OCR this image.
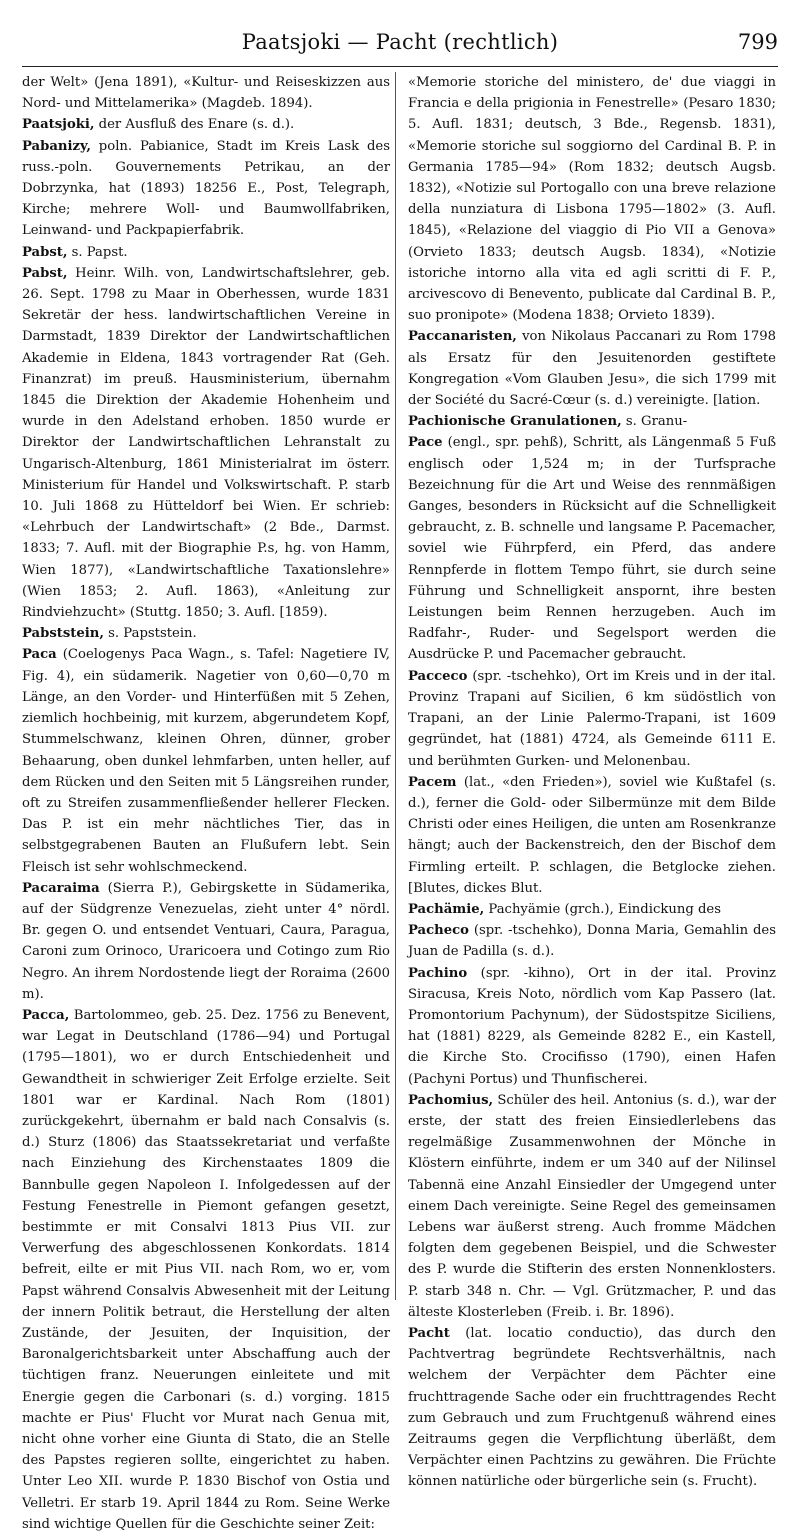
Paatsjoki — Pacht (rechtlich)	799

der Welt» (Jena 1891), «Kultur- und Reiseskizzen aus Nord- und Mittelamerika» (Magdeb. 1894).

Paatsjoki, der Ausfluß des Enare (s. d.).

Pabanizy, poln. Pabianice, Stadt im Kreis Lask des russ.-poln. Gouvernements Petrikau, an der Dobrzynka, hat (1893) 18256 E., Post, Telegraph, Kirche; mehrere Woll- und Baumwollfabriken, Leinwand- und Packpapierfabrik.

Pabst, s. Papst.

Pabst, Heinr. Wilh. von, Landwirtschaftslehrer, geb. 26. Sept. 1798 zu Maar in Oberhessen, wurde 1831 Sekretär der hess. landwirtschaftlichen Vereine in Darmstadt, 1839 Direktor der Landwirtschaftlichen Akademie in Eldena, 1843 vortragender Rat (Geh. Finanzrat) im preuß. Hausministerium, übernahm 1845 die Direktion der Akademie Hohenheim und wurde in den Adelstand erhoben. 1850 wurde er Direktor der Landwirtschaftlichen Lehranstalt zu Ungarisch-Altenburg, 1861 Ministerialrat im österr. Ministerium für Handel und Volkswirtschaft. P. starb 10. Juli 1868 zu Hütteldorf bei Wien. Er schrieb: «Lehrbuch der Landwirtschaft» (2 Bde., Darmst. 1833; 7. Aufl. mit der Biographie P.s, hg. von Hamm, Wien 1877), «Landwirtschaftliche Taxationslehre» (Wien 1853; 2. Aufl. 1863), «Anleitung zur Rindviehzucht» (Stuttg. 1850; 3. Aufl. [1859).

Pabststein, s. Papststein.

Paca (Coelogenys Paca Wagn., s. Tafel: Nagetiere IV, Fig. 4), ein südamerik. Nagetier von 0,60—0,70 m Länge, an den Vorder- und Hinterfüßen mit 5 Zehen, ziemlich hochbeinig, mit kurzem, abgerundetem Kopf, Stummelschwanz, kleinen Ohren, dünner, grober Behaarung, oben dunkel lehmfarben, unten heller, auf dem Rücken und den Seiten mit 5 Längsreihen runder, oft zu Streifen zusammenfließender hellerer Flecken. Das P. ist ein mehr nächtliches Tier, das in selbstgegrabenen Bauten an Flußufern lebt. Sein Fleisch ist sehr wohlschmeckend.

Pacaraima (Sierra P.), Gebirgskette in Südamerika, auf der Südgrenze Venezuelas, zieht unter 4° nördl. Br. gegen O. und entsendet Ventuari, Caura, Paragua, Caroni zum Orinoco, Uraricoera und Cotingo zum Rio Negro. An ihrem Nordostende liegt der Roraima (2600 m).

Pacca, Bartolommeo, geb. 25. Dez. 1756 zu Benevent, war Legat in Deutschland (1786—94) und Portugal (1795—1801), wo er durch Entschiedenheit und Gewandtheit in schwieriger Zeit Erfolge erzielte. Seit 1801 war er Kardinal. Nach Rom (1801) zurückgekehrt, übernahm er bald nach Consalvis (s. d.) Sturz (1806) das Staatssekretariat und verfaßte nach Einziehung des Kirchenstaates 1809 die Bannbulle gegen Napoleon I. Infolgedessen auf der Festung Fenestrelle in Piemont gefangen gesetzt, bestimmte er mit Consalvi 1813 Pius VII. zur Verwerfung des abgeschlossenen Konkordats. 1814 befreit, eilte er mit Pius VII. nach Rom, wo er, vom Papst während Consalvis Abwesenheit mit der Leitung der innern Politik betraut, die Herstellung der alten Zustände, der Jesuiten, der Inquisition, der Baronalgerichtsbarkeit unter Abschaffung auch der tüchtigen franz. Neuerungen einleitete und mit Energie gegen die Carbonari (s. d.) vorging. 1815 machte er Pius' Flucht vor Murat nach Genua mit, nicht ohne vorher eine Giunta di Stato, die an Stelle des Papstes regieren sollte, eingerichtet zu haben. Unter Leo XII. wurde P. 1830 Bischof von Ostia und Velletri. Er starb 19. April 1844 zu Rom. Seine Werke sind wichtige Quellen für die Geschichte seiner Zeit:

«Memorie storiche del ministero, de' due viaggi in Francia e della prigionia in Fenestrelle» (Pesaro 1830; 5. Aufl. 1831; deutsch, 3 Bde., Regensb. 1831), «Memorie storiche sul soggiorno del Cardinal B. P. in Germania 1785—94» (Rom 1832; deutsch Augsb. 1832), «Notizie sul Portogallo con una breve relazione della nunziatura di Lisbona 1795—1802» (3. Aufl. 1845), «Relazione del viaggio di Pio VII a Genova» (Orvieto 1833; deutsch Augsb. 1834), «Notizie istoriche intorno alla vita ed agli scritti di F. P., arcivescovo di Benevento, publicate dal Cardinal B. P., suo pronipote» (Modena 1838; Orvieto 1839).

Paccanaristen, von Nikolaus Paccanari zu Rom 1798 als Ersatz für den Jesuitenorden gestiftete Kongregation «Vom Glauben Jesu», die sich 1799 mit der Société du Sacré-Cœur (s. d.) vereinigte. [lation.

Pachionische Granulationen, s. Granu-

Pace (engl., spr. pehß), Schritt, als Längenmaß 5 Fuß englisch oder 1,524 m; in der Turfsprache Bezeichnung für die Art und Weise des rennmäßigen Ganges, besonders in Rücksicht auf die Schnelligkeit gebraucht, z. B. schnelle und langsame P. Pacemacher, soviel wie Führpferd, ein Pferd, das anderе Rennpferde in flottem Tempo führt, sie durch seine Führung und Schnelligkeit anspornt, ihre besten Leistungen beim Rennen herzugeben. Auch im Radfahr-, Ruder- und Segelsport werden die Ausdrücke P. und Pacemacher gebraucht.

Pacceco (spr. -tschehko), Ort im Kreis und in der ital. Provinz Trapani auf Sicilien, 6 km südöstlich von Trapani, an der Linie Palermo-Trapani, ist 1609 gegründet, hat (1881) 4724, als Gemeinde 6111 E. und berühmten Gurken- und Melonenbau.

Pacem (lat., «den Frieden»), soviel wie Kußtafel (s. d.), ferner die Gold- oder Silbermünze mit dem Bilde Christi oder eines Heiligen, die unten am Rosenkranze hängt; auch der Backenstreich, den der Bischof dem Firmling erteilt. P. schlagen, die Betglocke ziehen. [Blutes, dickes Blut.

Pachämie, Pachyämie (grch.), Eindickung des

Pacheco (spr. -tschehko), Donna Maria, Gemahlin des Juan de Padilla (s. d.).

Pachino (spr. -kihno), Ort in der ital. Provinz Siracusa, Kreis Noto, nördlich vom Kap Passero (lat. Promontorium Pachynum), der Südostspitze Siciliens, hat (1881) 8229, als Gemeinde 8282 E., ein Kastell, die Kirche Sto. Crocifisso (1790), einen Hafen (Pachyni Portus) und Thunfischerei.

Pachomius, Schüler des heil. Antonius (s. d.), war der erste, der statt des freien Einsiedlerlebens das regelmäßige Zusammenwohnen der Mönche in Klöstern einführte, indem er um 340 auf der Nilinsel Tabennä eine Anzahl Einsiedler der Umgegend unter einem Dach vereinigte. Seine Regel des gemeinsamen Lebens war äußerst streng. Auch fromme Mädchen folgten dem gegebenen Beispiel, und die Schwester des P. wurde die Stifterin des ersten Nonnenklosters. P. starb 348 n. Chr. — Vgl. Grützmacher, P. und das älteste Klosterleben (Freib. i. Br. 1896).

Pacht (lat. locatio conductio), das durch den Pachtvertrag begründete Rechtsverhältnis, nach welchem der Verpächter dem Pächter eine fruchttragende Sache oder ein fruchttragendes Recht zum Gebrauch und zum Fruchtgenuß während eines Zeitraums gegen die Verpflichtung überläßt, dem Verpächter einen Pachtzins zu gewähren. Die Früchte können natürliche oder bürgerliche sein (s. Frucht).
